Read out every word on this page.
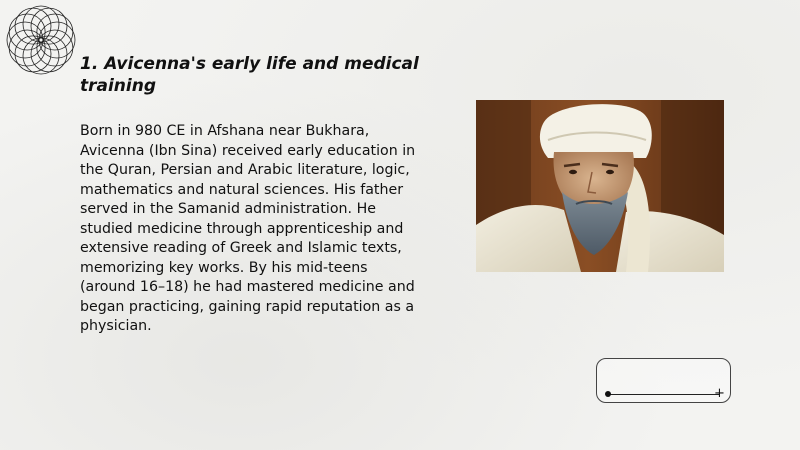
1. Avicenna's early life and medical training

Born in 980 CE in Afshana near Bukhara, Avicenna (Ibn Sina) received early education in the Quran, Persian and Arabic literature, logic, mathematics and natural sciences. His father served in the Samanid administration. He studied medicine through apprenticeship and extensive reading of Greek and Islamic texts, memorizing key works. By his mid-teens (around 16–18) he had mastered medicine and began practicing, gaining rapid reputation as a physician.

+
